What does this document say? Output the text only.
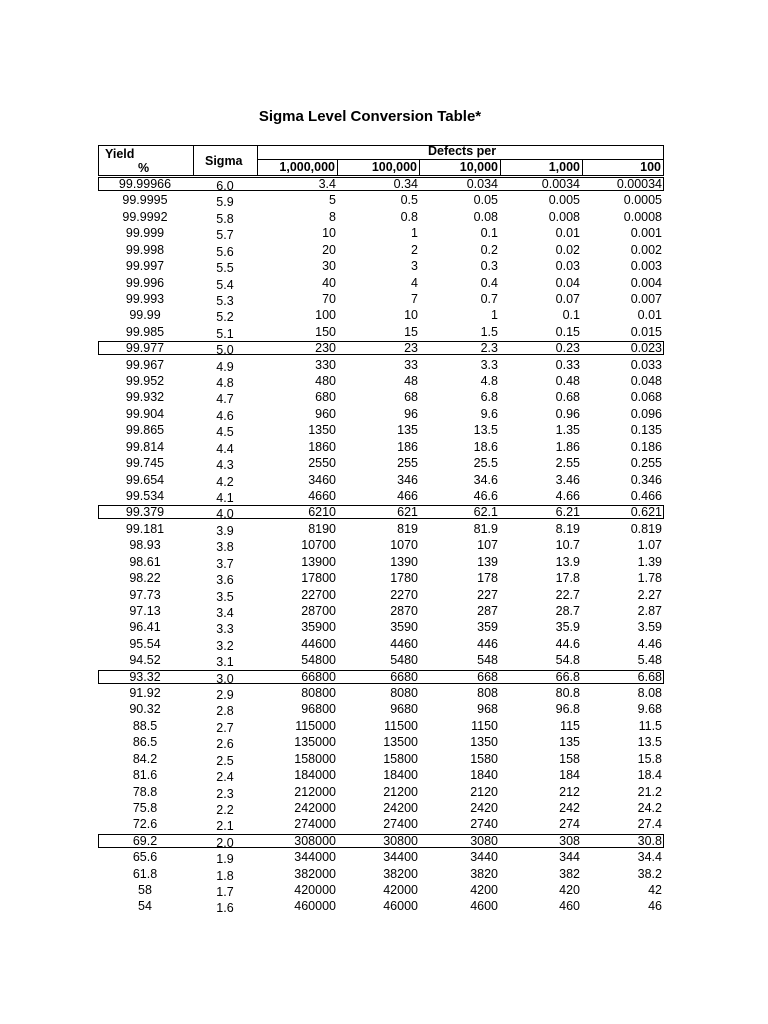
Sigma Level Conversion Table*
Yield
%	Sigma
Defects per
1,000,000	100,000	10,000	1,000	100
99.99966	6.0	3.4	0.34	0.034	0.0034	0.00034
99.9995	5.9	5	0.5	0.05	0.005	0.0005
99.9992	5.8	8	0.8	0.08	0.008	0.0008
99.999	5.7	10	1	0.1	0.01	0.001
99.998	5.6	20	2	0.2	0.02	0.002
99.997	5.5	30	3	0.3	0.03	0.003
99.996	5.4	40	4	0.4	0.04	0.004
99.993	5.3	70	7	0.7	0.07	0.007
99.99	5.2	100	10	1	0.1	0.01
99.985	5.1	150	15	1.5	0.15	0.015
99.977	5.0	230	23	2.3	0.23	0.023
99.967	4.9	330	33	3.3	0.33	0.033
99.952	4.8	480	48	4.8	0.48	0.048
99.932	4.7	680	68	6.8	0.68	0.068
99.904	4.6	960	96	9.6	0.96	0.096
99.865	4.5	1350	135	13.5	1.35	0.135
99.814	4.4	1860	186	18.6	1.86	0.186
99.745	4.3	2550	255	25.5	2.55	0.255
99.654	4.2	3460	346	34.6	3.46	0.346
99.534	4.1	4660	466	46.6	4.66	0.466
99.379	4.0	6210	621	62.1	6.21	0.621
99.181	3.9	8190	819	81.9	8.19	0.819
98.93	3.8	10700	1070	107	10.7	1.07
98.61	3.7	13900	1390	139	13.9	1.39
98.22	3.6	17800	1780	178	17.8	1.78
97.73	3.5	22700	2270	227	22.7	2.27
97.13	3.4	28700	2870	287	28.7	2.87
96.41	3.3	35900	3590	359	35.9	3.59
95.54	3.2	44600	4460	446	44.6	4.46
94.52	3.1	54800	5480	548	54.8	5.48
93.32	3.0	66800	6680	668	66.8	6.68
91.92	2.9	80800	8080	808	80.8	8.08
90.32	2.8	96800	9680	968	96.8	9.68
88.5	2.7	115000	11500	1150	115	11.5
86.5	2.6	135000	13500	1350	135	13.5
84.2	2.5	158000	15800	1580	158	15.8
81.6	2.4	184000	18400	1840	184	18.4
78.8	2.3	212000	21200	2120	212	21.2
75.8	2.2	242000	24200	2420	242	24.2
72.6	2.1	274000	27400	2740	274	27.4
69.2	2.0	308000	30800	3080	308	30.8
65.6	1.9	344000	34400	3440	344	34.4
61.8	1.8	382000	38200	3820	382	38.2
58	1.7	420000	42000	4200	420	42
54	1.6	460000	46000	4600	460	46
